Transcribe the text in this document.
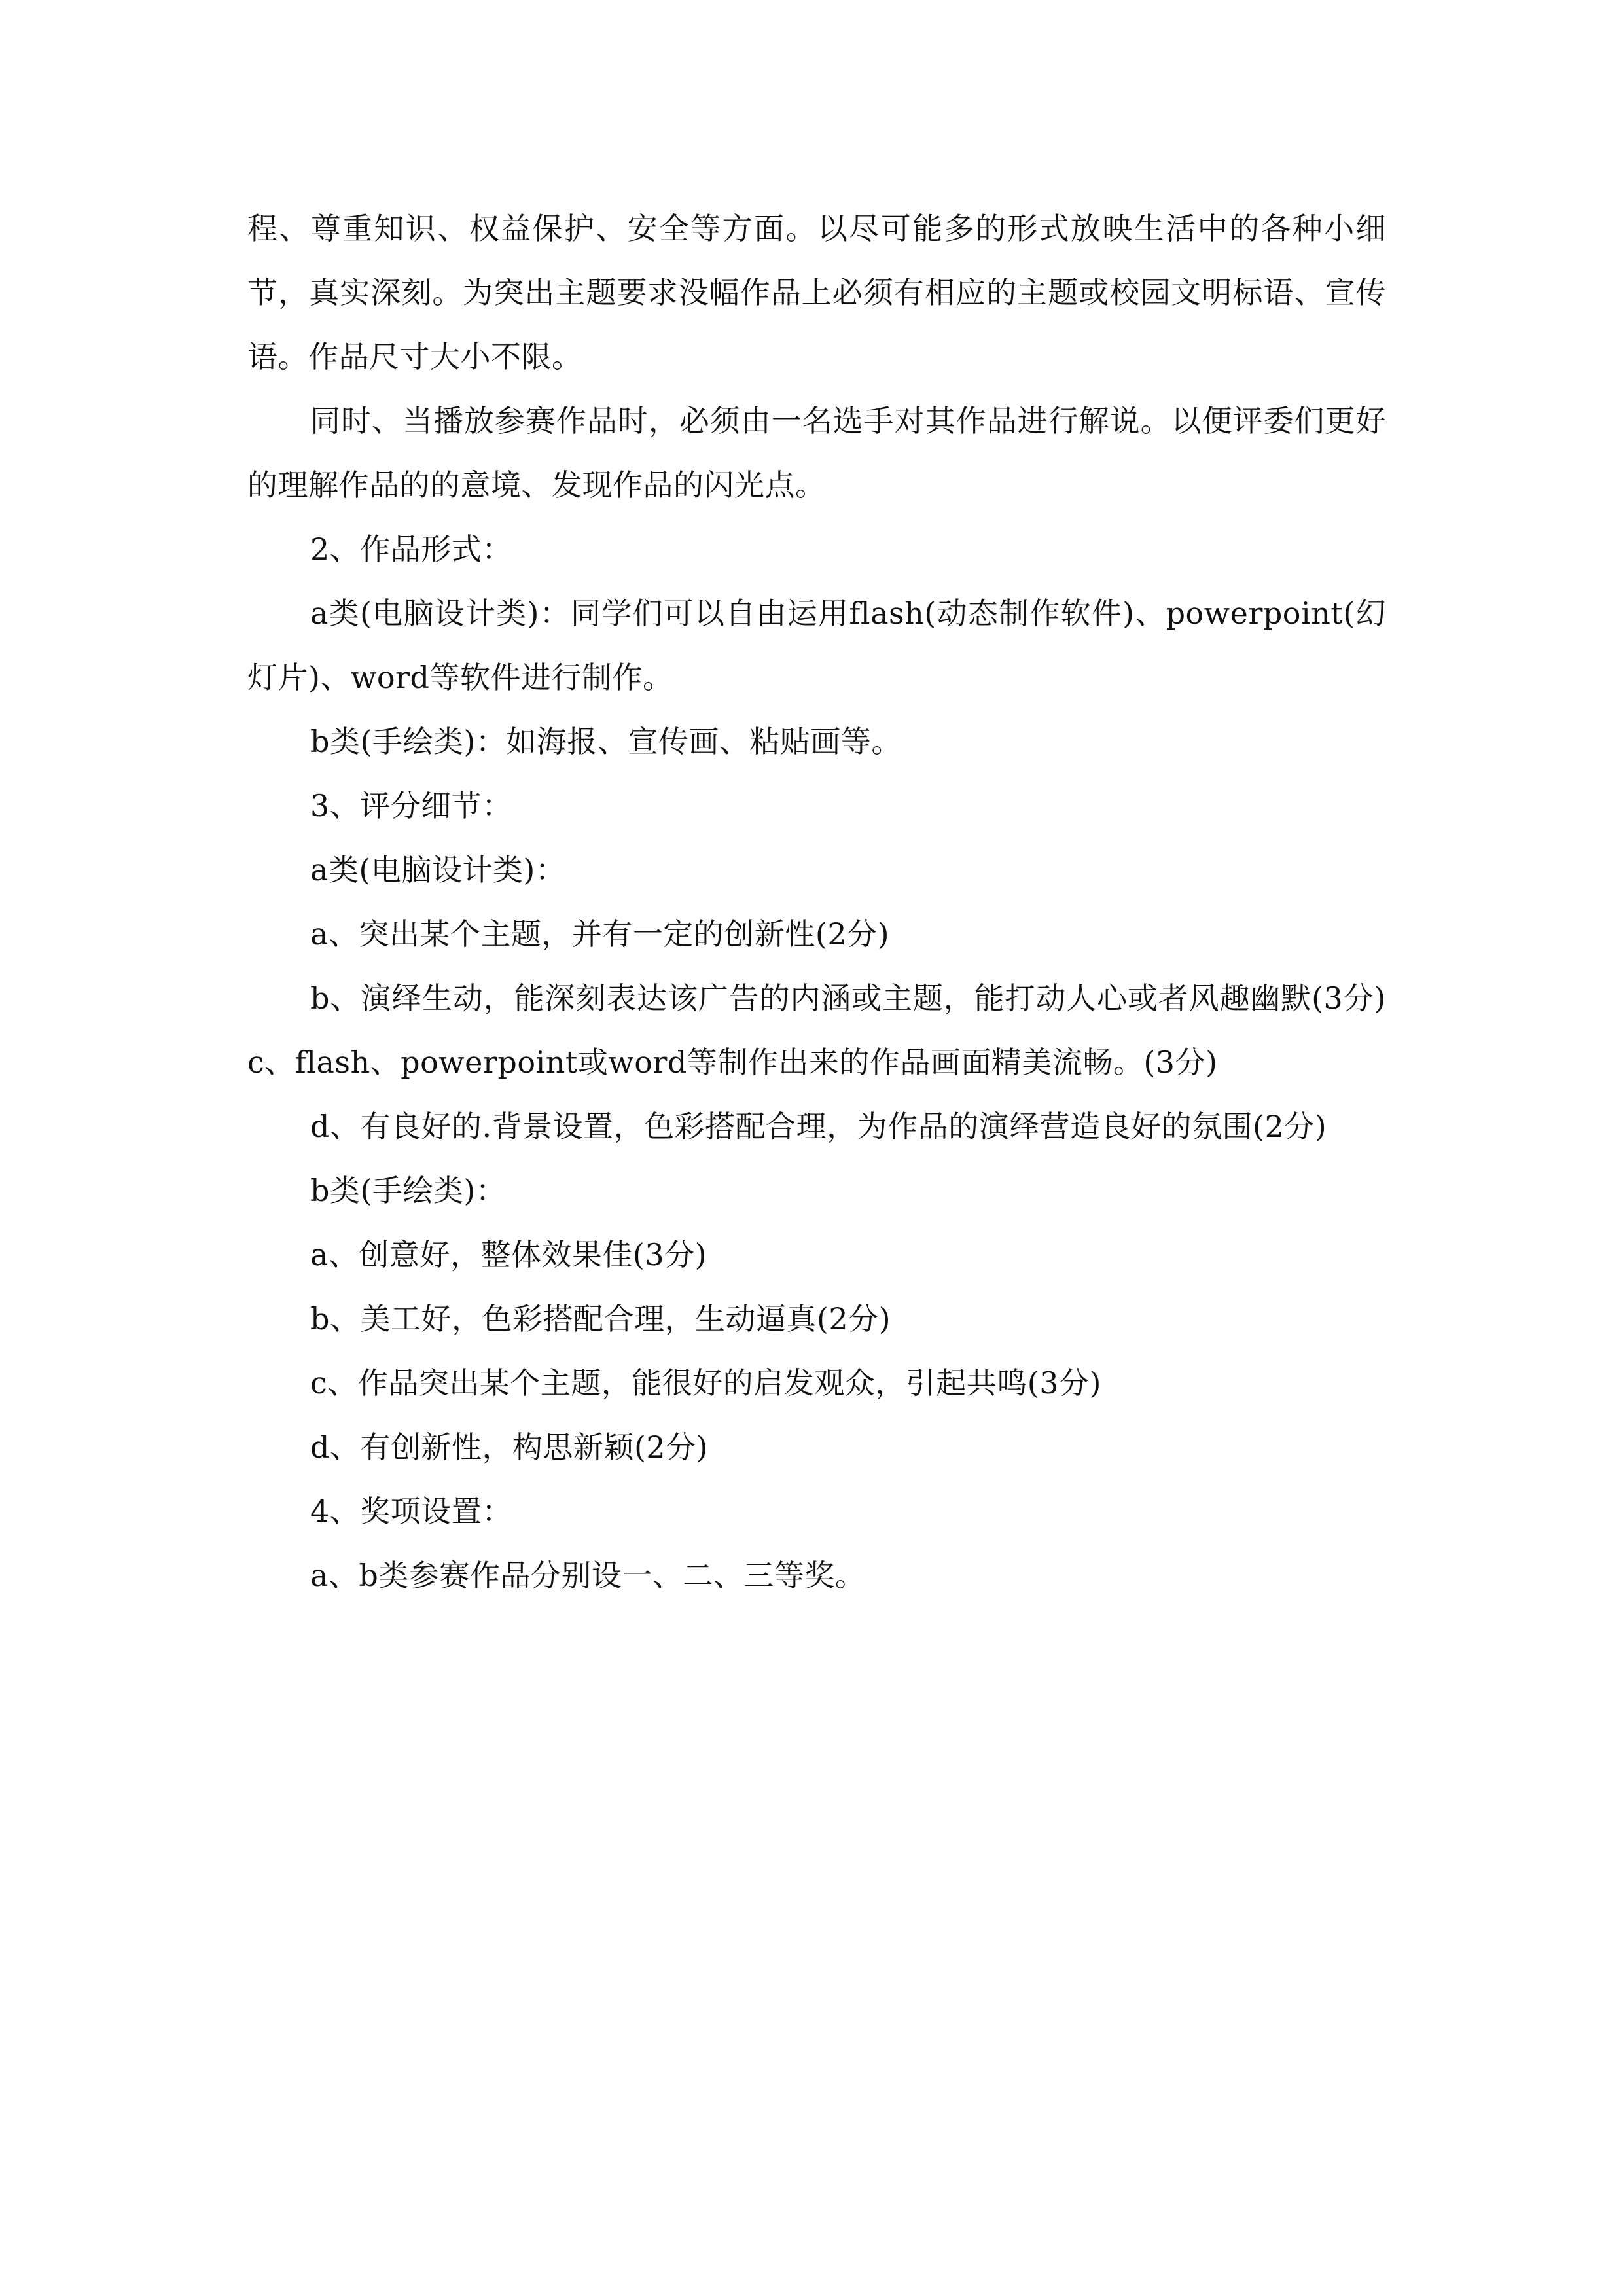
程、尊重知识、权益保护、安全等方面。以尽可能多的形式放映生活中的各种小细节，真实深刻。为突出主题要求没幅作品上必须有相应的主题或校园文明标语、宣传语。作品尺寸大小不限。

同时、当播放参赛作品时，必须由一名选手对其作品进行解说。以便评委们更好的理解作品的的意境、发现作品的闪光点。

2、作品形式：

a类(电脑设计类)：同学们可以自由运用flash(动态制作软件)、powerpoint(幻灯片)、word等软件进行制作。

b类(手绘类)：如海报、宣传画、粘贴画等。

3、评分细节：

a类(电脑设计类)：

a、突出某个主题，并有一定的创新性(2分)

b、演绎生动，能深刻表达该广告的内涵或主题，能打动人心或者风趣幽默(3分)c、flash、powerpoint或word等制作出来的作品画面精美流畅。(3分)

d、有良好的.背景设置，色彩搭配合理，为作品的演绎营造良好的氛围(2分)

b类(手绘类)：

a、创意好，整体效果佳(3分)

b、美工好，色彩搭配合理，生动逼真(2分)

c、作品突出某个主题，能很好的启发观众，引起共鸣(3分)

d、有创新性，构思新颖(2分)

4、奖项设置：

a、b类参赛作品分别设一、二、三等奖。
